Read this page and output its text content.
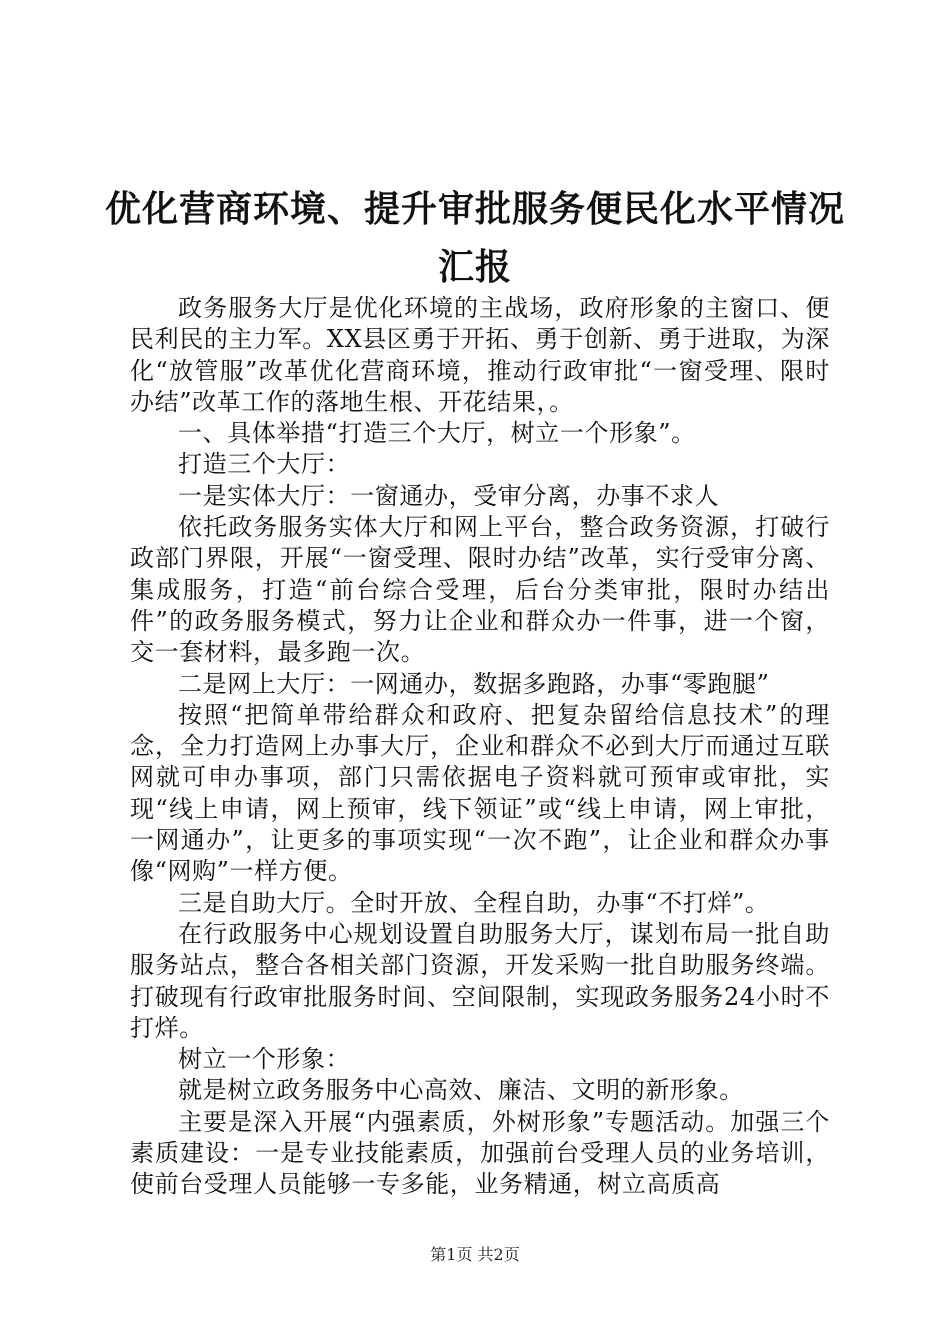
优化营商环境、提升审批服务便民化水平情况
汇报

政务服务大厅是优化环境的主战场，政府形象的主窗口、便民利民的主力军。XX县区勇于开拓、勇于创新、勇于进取，为深化“放管服”改革优化营商环境，推动行政审批“一窗受理、限时办结”改革工作的落地生根、开花结果，。

一、具体举措“打造三个大厅，树立一个形象”。

打造三个大厅：

一是实体大厅：一窗通办，受审分离，办事不求人

依托政务服务实体大厅和网上平台，整合政务资源，打破行政部门界限，开展“一窗受理、限时办结”改革，实行受审分离、集成服务，打造“前台综合受理，后台分类审批，限时办结出件”的政务服务模式，努力让企业和群众办一件事，进一个窗，交一套材料，最多跑一次。

二是网上大厅：一网通办，数据多跑路，办事“零跑腿”

按照“把简单带给群众和政府、把复杂留给信息技术”的理念，全力打造网上办事大厅，企业和群众不必到大厅而通过互联网就可申办事项，部门只需依据电子资料就可预审或审批，实现“线上申请，网上预审，线下领证”或“线上申请，网上审批，一网通办”，让更多的事项实现“一次不跑”，让企业和群众办事像“网购”一样方便。

三是自助大厅。全时开放、全程自助，办事“不打烊”。

在行政服务中心规划设置自助服务大厅，谋划布局一批自助服务站点，整合各相关部门资源，开发采购一批自助服务终端。打破现有行政审批服务时间、空间限制，实现政务服务24小时不打烊。

树立一个形象：

就是树立政务服务中心高效、廉洁、文明的新形象。

主要是深入开展“内强素质，外树形象”专题活动。加强三个素质建设：一是专业技能素质，加强前台受理人员的业务培训，使前台受理人员能够一专多能，业务精通，树立高质高

第1页 共2页
